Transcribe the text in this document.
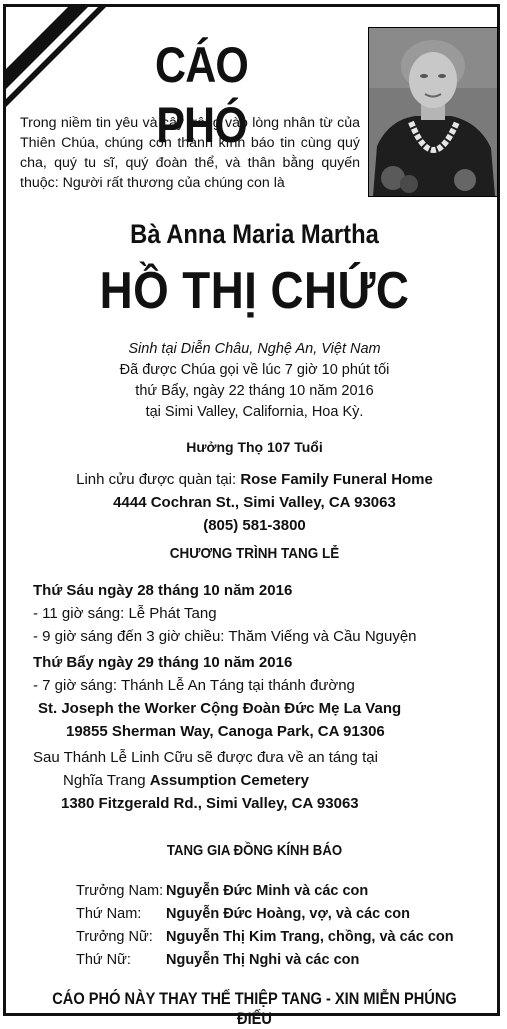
CÁO PHÓ

Trong niềm tin yêu và cậy trông vào lòng nhân từ của Thiên Chúa, chúng con thành kính báo tin cùng quý cha, quý tu sĩ, quý đoàn thể, và thân bằng quyến thuộc: Người rất thương của chúng con là

Bà Anna Maria Martha
HỒ THỊ CHỨC
Sinh tại Diễn Châu, Nghệ An, Việt Nam
Đã được Chúa gọi về lúc 7 giờ 10 phút tối
thứ Bẩy, ngày 22 tháng 10 năm 2016
tại Simi Valley, California, Hoa Kỳ.
Hưởng Thọ 107 Tuổi
Linh cửu được quàn tại: Rose Family Funeral Home
4444 Cochran St., Simi Valley, CA 93063
(805) 581-3800
CHƯƠNG TRÌNH TANG LỄ
Thứ Sáu ngày 28 tháng 10 năm 2016
- 11 giờ sáng: Lễ Phát Tang
- 9 giờ sáng đến 3 giờ chiều: Thăm Viếng và Cầu Nguyện
Thứ Bẩy ngày 29 tháng 10 năm 2016
- 7 giờ sáng: Thánh Lễ An Táng tại thánh đường
St. Joseph the Worker Cộng Đoàn Đức Mẹ La Vang
19855 Sherman Way, Canoga Park, CA 91306
Sau Thánh Lễ Linh Cữu sẽ được đưa về an táng tại
Nghĩa Trang Assumption Cemetery
1380 Fitzgerald Rd., Simi Valley, CA 93063
TANG GIA ĐỒNG KÍNH BÁO
Trưởng Nam: Nguyễn Đức Minh và các con
Thứ Nam:	Nguyễn Đức Hoàng, vợ, và các con
Trưởng Nữ: Nguyễn Thị Kim Trang, chồng, và các con
Thứ Nữ:	Nguyễn Thị Nghi và các con
CÁO PHÓ NÀY THAY THẾ THIỆP TANG - XIN MIỄN PHÚNG ĐIẾU
